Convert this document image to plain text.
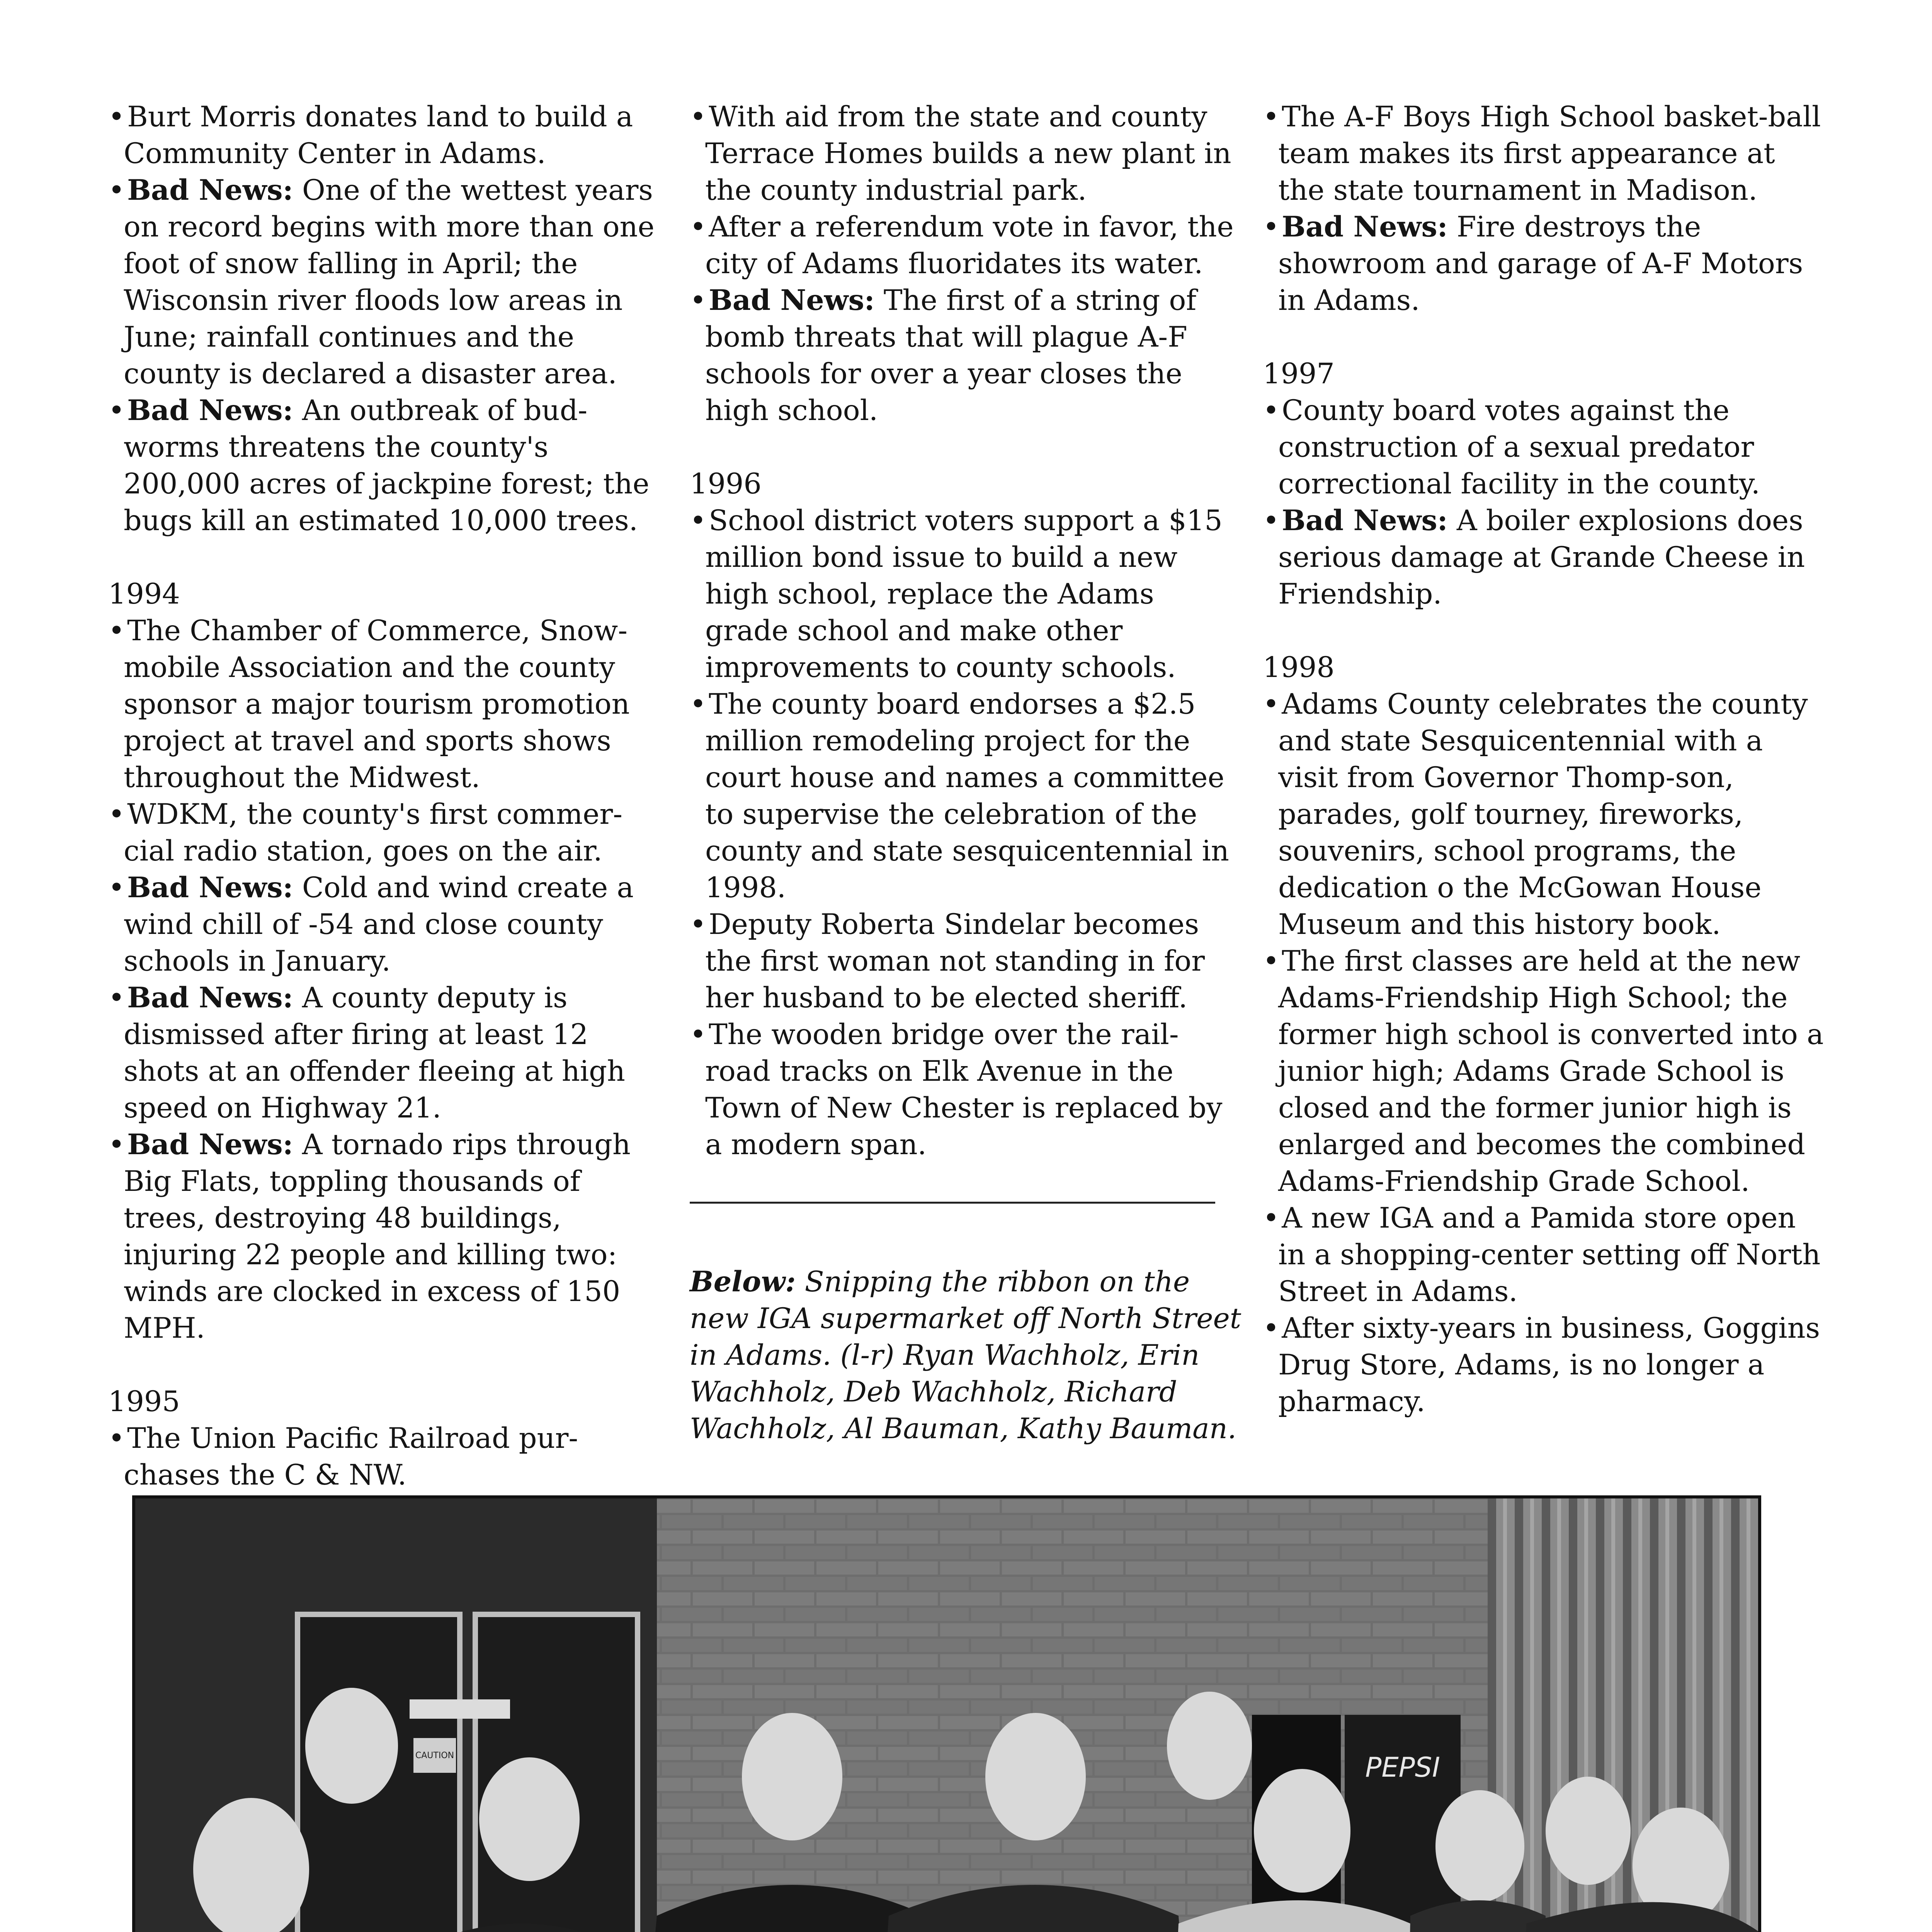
•Burt Morris donates land to build a Community Center in Adams.

•Bad News: One of the wettest years on record begins with more than one foot of snow falling in April; the Wisconsin river floods low areas in June; rainfall continues and the county is declared a disaster area.

•Bad News: An outbreak of bud-worms threatens the county's 200,000 acres of jackpine forest; the bugs kill an estimated 10,000 trees.

1994

•The Chamber of Commerce, Snow-mobile Association and the county sponsor a major tourism promotion project at travel and sports shows throughout the Midwest.

•WDKM, the county's first commer-cial radio station, goes on the air.

•Bad News: Cold and wind create a wind chill of -54 and close county schools in January.

•Bad News: A county deputy is dismissed after firing at least 12 shots at an offender fleeing at high speed on Highway 21.

•Bad News: A tornado rips through Big Flats, toppling thousands of trees, destroying 48 buildings, injuring 22 people and killing two: winds are clocked in excess of 150 MPH.

1995

•The Union Pacific Railroad pur-chases the C & NW.

•With aid from the state and county Terrace Homes builds a new plant in the county industrial park.

•After a referendum vote in favor, the city of Adams fluoridates its water.

•Bad News: The first of a string of bomb threats that will plague A-F schools for over a year closes the high school.

1996

•School district voters support a $15 million bond issue to build a new high school, replace the Adams grade school and make other improvements to county schools.

•The county board endorses a $2.5 million remodeling project for the court house and names a committee to supervise the celebration of the county and state sesquicentennial in 1998.

•Deputy Roberta Sindelar becomes the first woman not standing in for her husband to be elected sheriff.

•The wooden bridge over the rail-road tracks on Elk Avenue in the Town of New Chester is replaced by a modern span.

Below: Snipping the ribbon on the new IGA supermarket off North Street in Adams. (l-r) Ryan Wachholz, Erin Wachholz, Deb Wachholz, Richard Wachholz, Al Bauman, Kathy Bauman.

•The A-F Boys High School basket-ball team makes its first appearance at the state tournament in Madison.

•Bad News: Fire destroys the showroom and garage of A-F Motors in Adams.

1997

•County board votes against the construction of a sexual predator correctional facility in the county.

•Bad News: A boiler explosions does serious damage at Grande Cheese in Friendship.

1998

•Adams County celebrates the county and state Sesquicentennial with a visit from Governor Thomp-son, parades, golf tourney, fireworks, souvenirs, school programs, the dedication o the McGowan House Museum and this history book.

•The first classes are held at the new Adams-Friendship High School; the former high school is converted into a junior high; Adams Grade School is closed and the former junior high is enlarged and becomes the combined Adams-Friendship Grade School.

•A new IGA and a Pamida store open in a shopping-center setting off North Street in Adams.

•After sixty-years in business, Goggins Drug Store, Adams, is no longer a pharmacy.

CAUTION	PEPSI
